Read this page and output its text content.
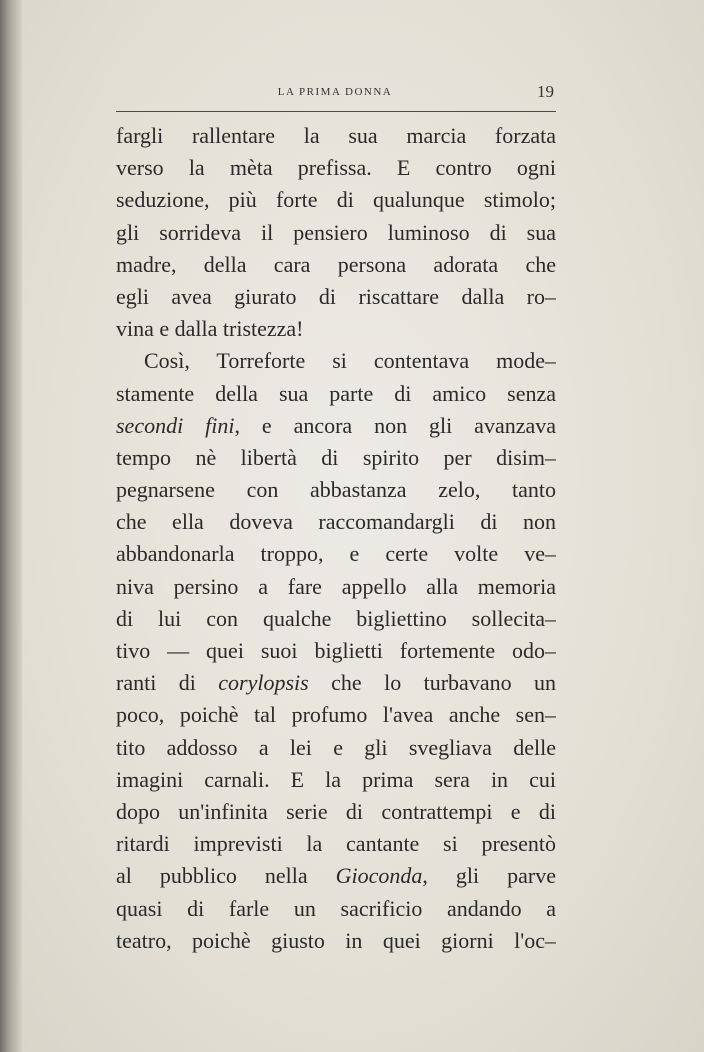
LA PRIMA DONNA	19
fargli rallentare la sua marcia forzata
verso la mèta prefissa. E contro ogni
seduzione, più forte di qualunque stimolo;
gli sorrideva il pensiero luminoso di sua
madre, della cara persona adorata che
egli avea giurato di riscattare dalla ro–
vina e dalla tristezza!
Così, Torreforte si contentava mode–
stamente della sua parte di amico senza
secondi fini, e ancora non gli avanzava
tempo nè libertà di spirito per disim–
pegnarsene con abbastanza zelo, tanto
che ella doveva raccomandargli di non
abbandonarla troppo, e certe volte ve–
niva persino a fare appello alla memoria
di lui con qualche bigliettino sollecita–
tivo — quei suoi biglietti fortemente odo–
ranti di corylopsis che lo turbavano un
poco, poichè tal profumo l'avea anche sen–
tito addosso a lei e gli svegliava delle
imagini carnali. E la prima sera in cui
dopo un'infinita serie di contrattempi e di
ritardi imprevisti la cantante si presentò
al pubblico nella Gioconda, gli parve
quasi di farle un sacrificio andando a
teatro, poichè giusto in quei giorni l'oc–
